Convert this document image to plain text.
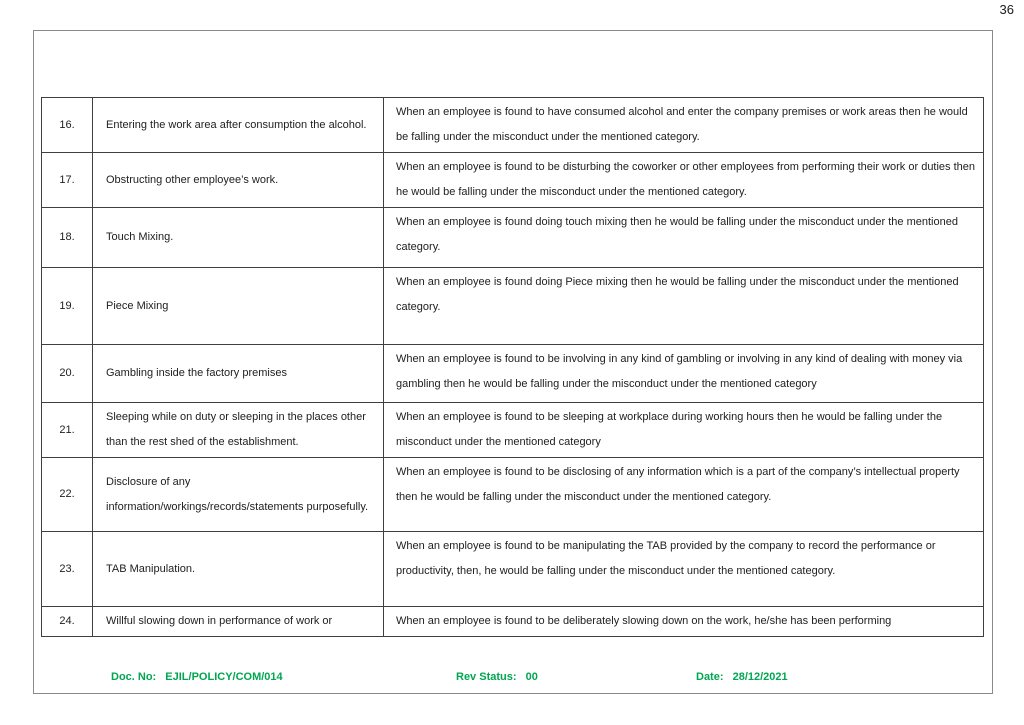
36
16.	Entering the work area after consumption the alcohol.	When an employee is found to have consumed alcohol and enter the company premises or work areas then he would be falling under the misconduct under the mentioned category.
17.	Obstructing other employee’s work.	When an employee is found to be disturbing the coworker or other employees from performing their work or duties then he would be falling under the misconduct under the mentioned category.
18.	Touch Mixing.	When an employee is found doing touch mixing then he would be falling under the misconduct under the mentioned category.
19.	Piece Mixing	When an employee is found doing Piece mixing then he would be falling under the misconduct under the mentioned category.
20.	Gambling inside the factory premises	When an employee is found to be involving in any kind of gambling or involving in any kind of dealing with money via gambling then he would be falling under the misconduct under the mentioned category
21.	Sleeping while on duty or sleeping in the places other than the rest shed of the establishment.	When an employee is found to be sleeping at workplace during working hours then he would be falling under the misconduct under the mentioned category
22.	Disclosure of any information/workings/records/statements purposefully.	When an employee is found to be disclosing of any information which is a part of the company’s intellectual property then he would be falling under the misconduct under the mentioned category.
23.	TAB Manipulation.	When an employee is found to be manipulating the TAB provided by the company to record the performance or productivity, then, he would be falling under the misconduct under the mentioned category.
24.	Willful slowing down in performance of work or	When an employee is found to be deliberately slowing down on the work, he/she has been performing
Doc. No: EJIL/POLICY/COM/014	Rev Status: 00	Date: 28/12/2021
